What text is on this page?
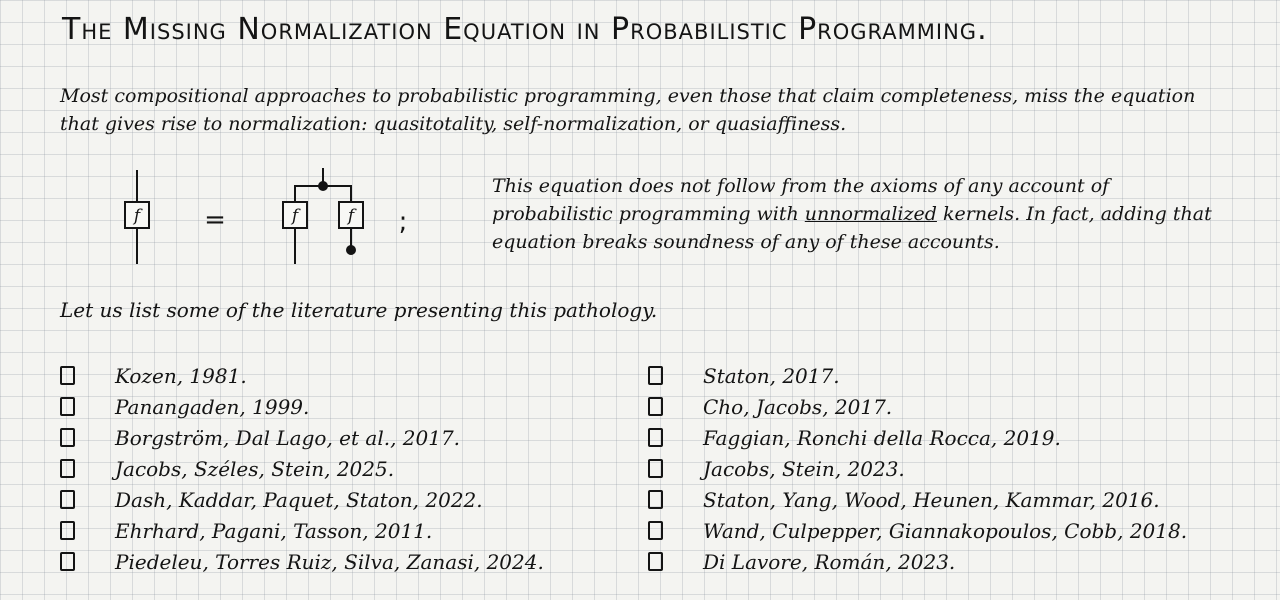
The Missing Normalization Equation in Probabilistic Programming.
Most compositional approaches to probabilistic programming, even those that claim completeness, miss the equation that gives rise to normalization: quasitotality, self-normalization, or quasiaffiness.
f	f	f
=	;
This equation does not follow from the axioms of any account of probabilistic programming with unnormalized kernels. In fact, adding that equation breaks soundness of any of these accounts.
Let us list some of the literature presenting this pathology.
Kozen, 1981.
Panangaden, 1999.
Borgström, Dal Lago, et al., 2017.
Jacobs, Széles, Stein, 2025.
Dash, Kaddar, Paquet, Staton, 2022.
Ehrhard, Pagani, Tasson, 2011.
Piedeleu, Torres Ruiz, Silva, Zanasi, 2024.
Staton, 2017.
Cho, Jacobs, 2017.
Faggian, Ronchi della Rocca, 2019.
Jacobs, Stein, 2023.
Staton, Yang, Wood, Heunen, Kammar, 2016.
Wand, Culpepper, Giannakopoulos, Cobb, 2018.
Di Lavore, Román, 2023.
